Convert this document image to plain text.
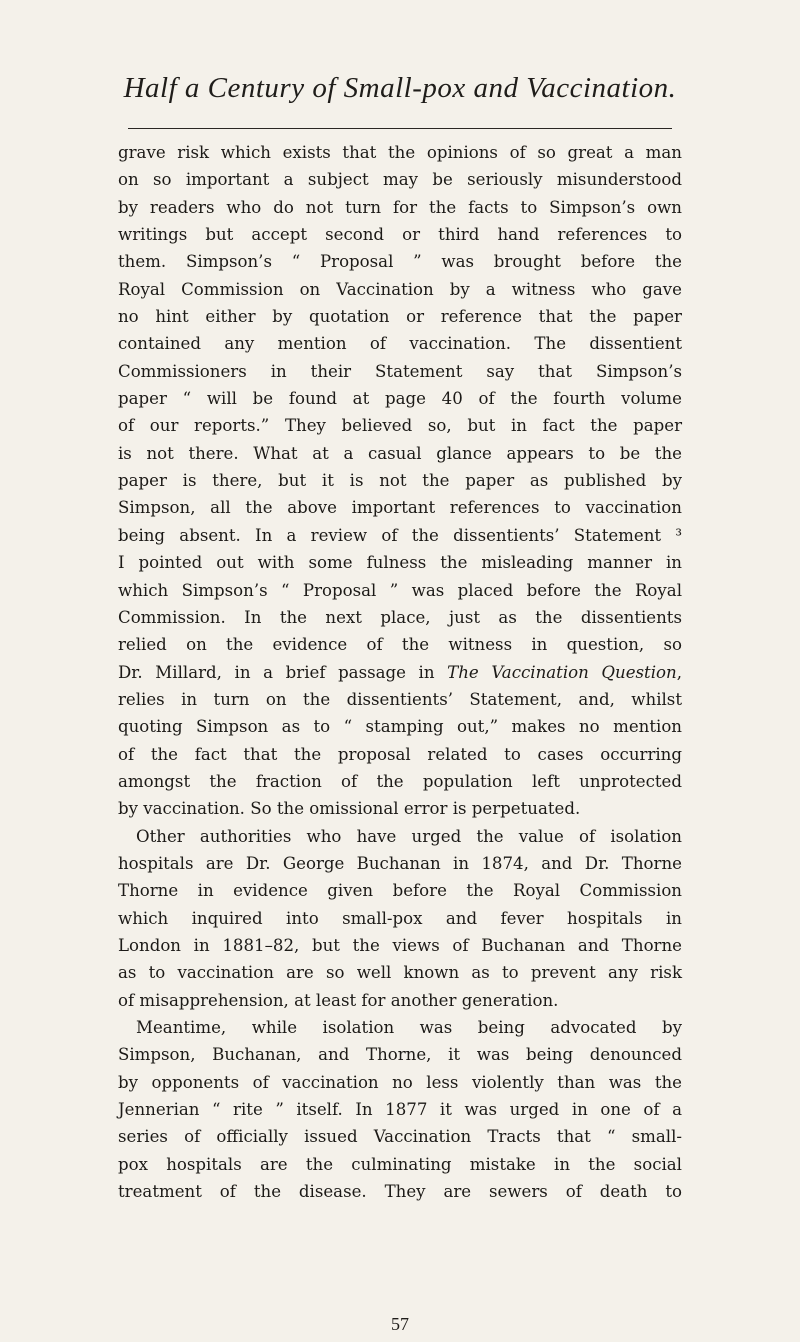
Half a Century of Small-pox and Vaccination.
grave risk which exists that the opinions of so great a man
on so important a subject may be seriously misunderstood
by readers who do not turn for the facts to Simpson’s own
writings but accept second or third hand references to
them. Simpson’s “ Proposal ” was brought before the
Royal Commission on Vaccination by a witness who gave
no hint either by quotation or reference that the paper
contained any mention of vaccination. The dissentient
Commissioners in their Statement say that Simpson’s
paper “ will be found at page 40 of the fourth volume
of our reports.” They believed so, but in fact the paper
is not there. What at a casual glance appears to be the
paper is there, but it is not the paper as published by
Simpson, all the above important references to vaccination
being absent. In a review of the dissentients’ Statement ³
I pointed out with some fulness the misleading manner in
which Simpson’s “ Proposal ” was placed before the Royal
Commission. In the next place, just as the dissentients
relied on the evidence of the witness in question, so
Dr. Millard, in a brief passage in The Vaccination Question,
relies in turn on the dissentients’ Statement, and, whilst
quoting Simpson as to “ stamping out,” makes no mention
of the fact that the proposal related to cases occurring
amongst the fraction of the population left unprotected
by vaccination. So the omissional error is perpetuated.
Other authorities who have urged the value of isolation
hospitals are Dr. George Buchanan in 1874, and Dr. Thorne
Thorne in evidence given before the Royal Commission
which inquired into small-pox and fever hospitals in
London in 1881–82, but the views of Buchanan and Thorne
as to vaccination are so well known as to prevent any risk
of misapprehension, at least for another generation.
Meantime, while isolation was being advocated by
Simpson, Buchanan, and Thorne, it was being denounced
by opponents of vaccination no less violently than was the
Jennerian “ rite ” itself. In 1877 it was urged in one of a
series of officially issued Vaccination Tracts that “ small-
pox hospitals are the culminating mistake in the social
treatment of the disease. They are sewers of death to
57
